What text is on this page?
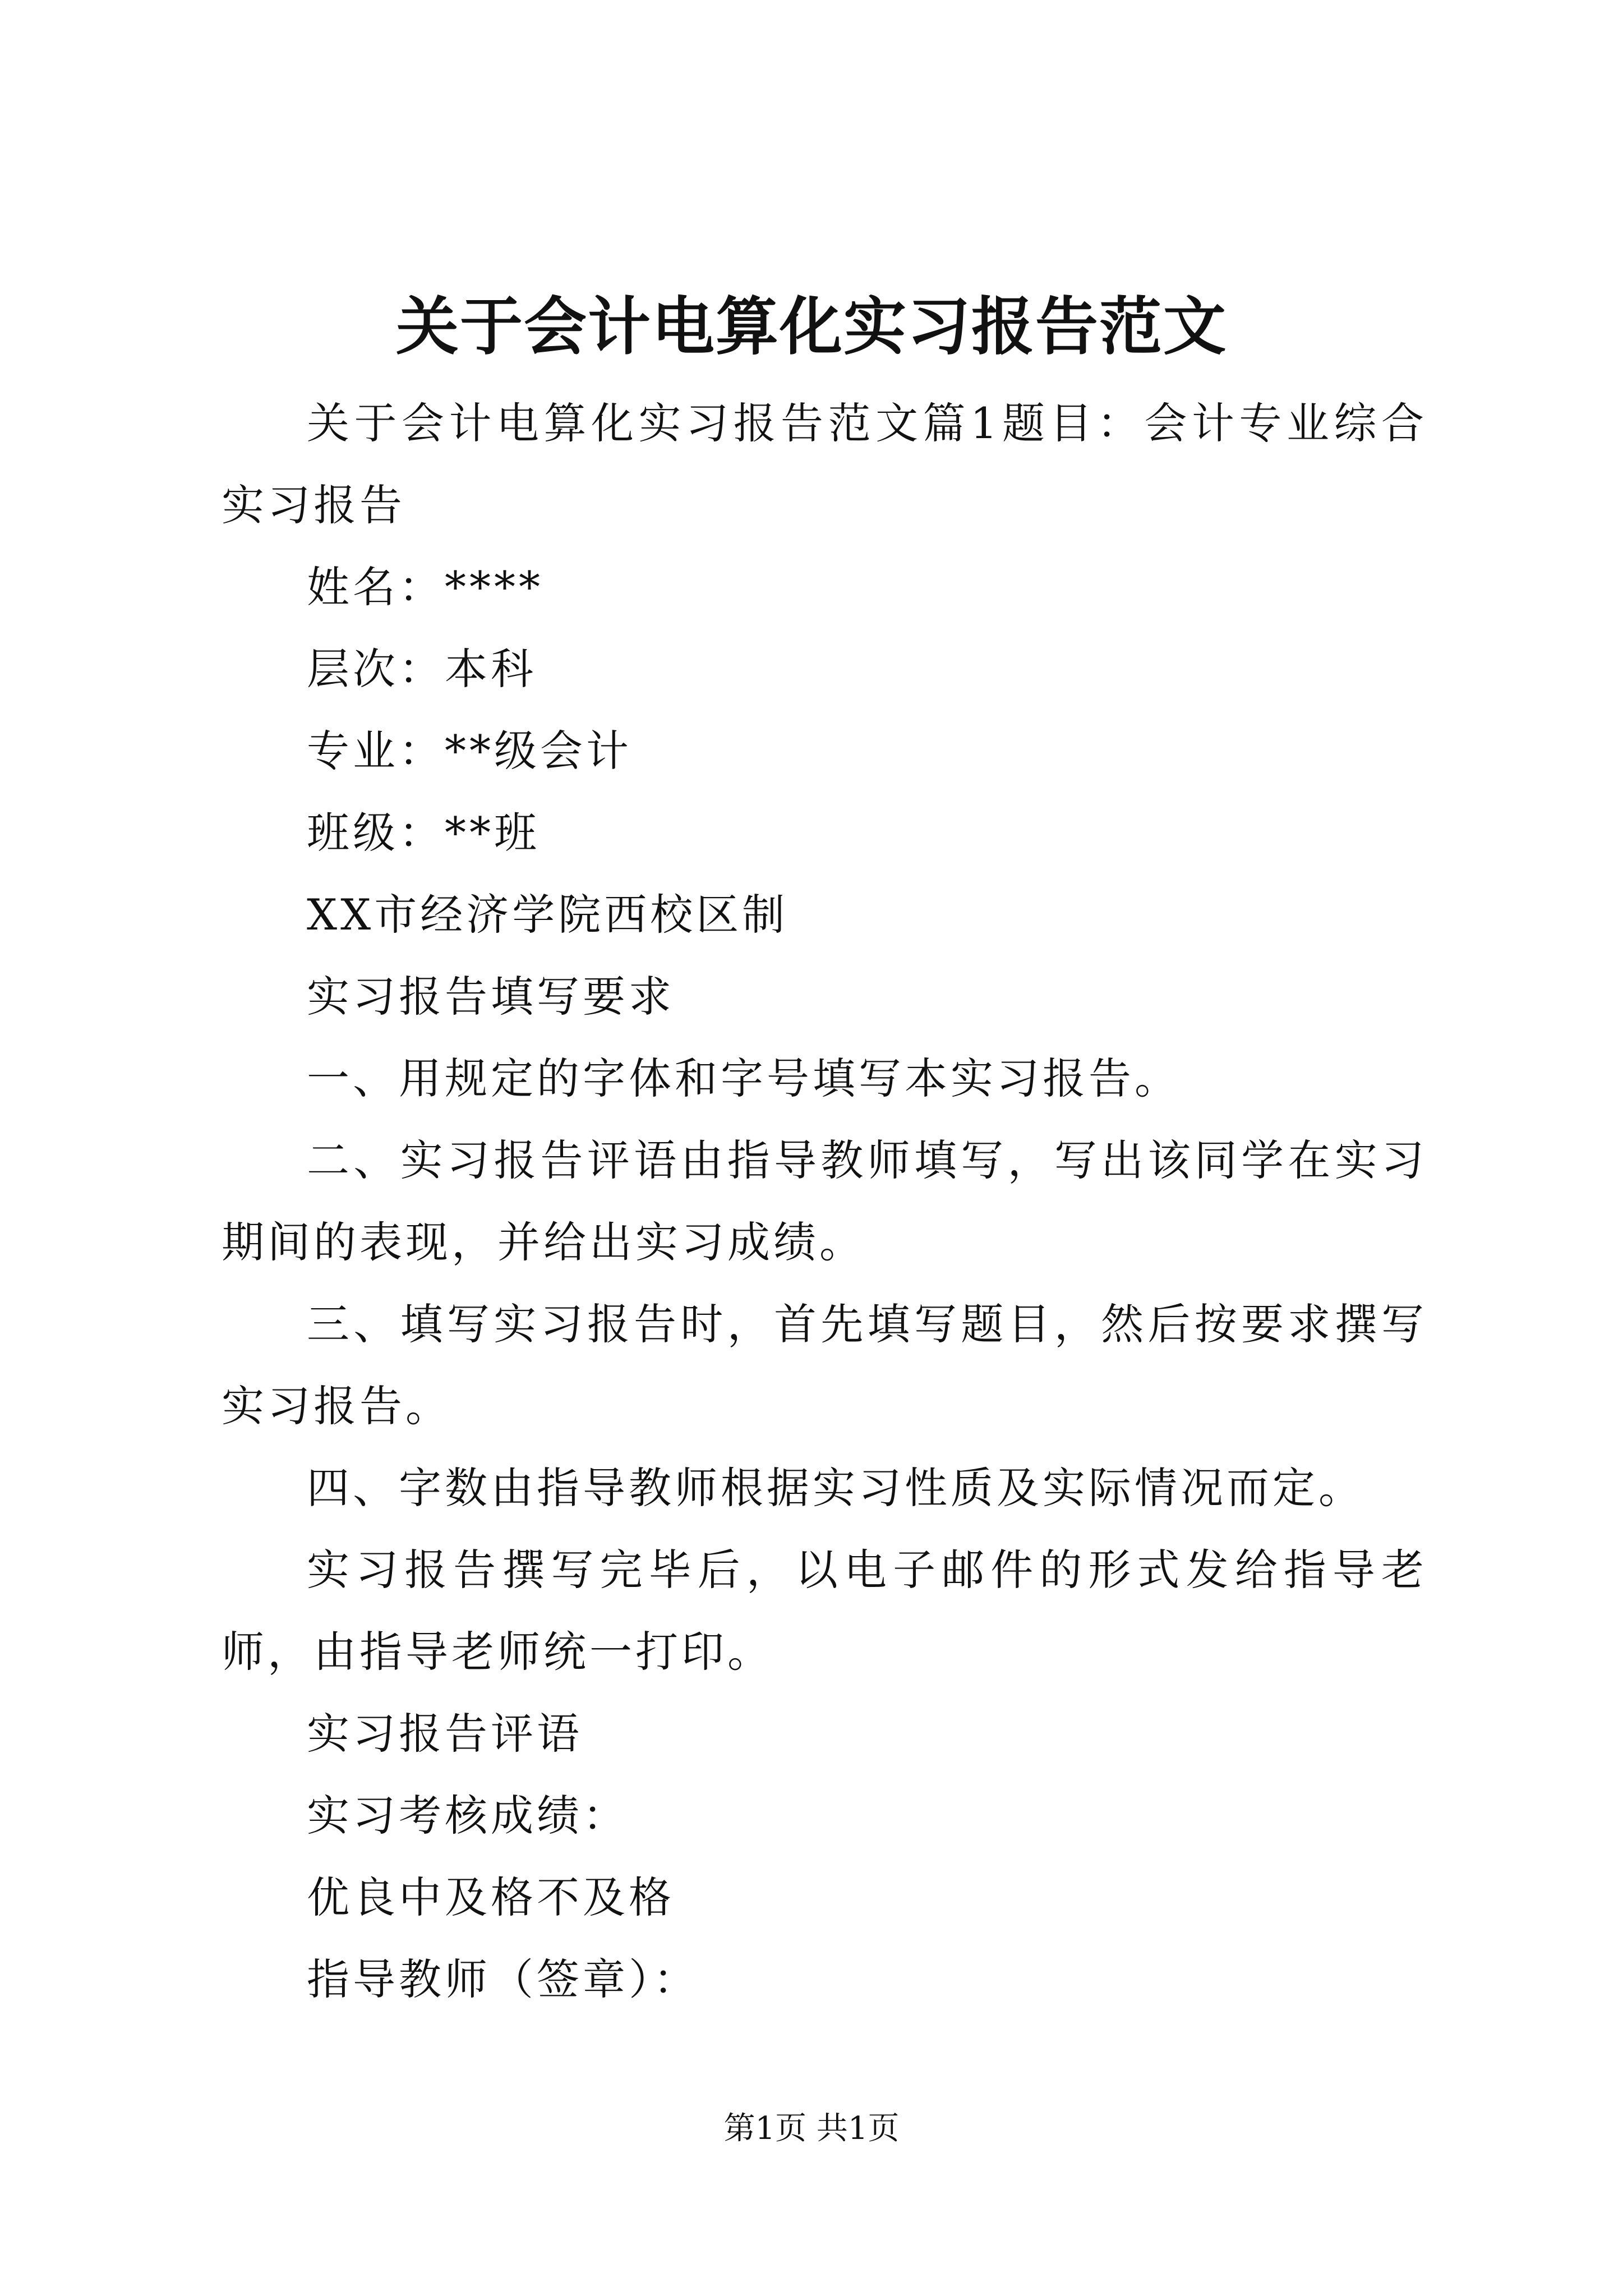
关于会计电算化实习报告范文

关于会计电算化实习报告范文篇1题目：会计专业综合实习报告

姓名：****

层次：本科

专业：**级会计

班级：**班

XX市经济学院西校区制

实习报告填写要求

一、用规定的字体和字号填写本实习报告。

二、实习报告评语由指导教师填写，写出该同学在实习期间的表现，并给出实习成绩。

三、填写实习报告时，首先填写题目，然后按要求撰写实习报告。

四、字数由指导教师根据实习性质及实际情况而定。

实习报告撰写完毕后，以电子邮件的形式发给指导老师，由指导老师统一打印。

实习报告评语

实习考核成绩：

优良中及格不及格

指导教师（签章）：

第1页 共1页
